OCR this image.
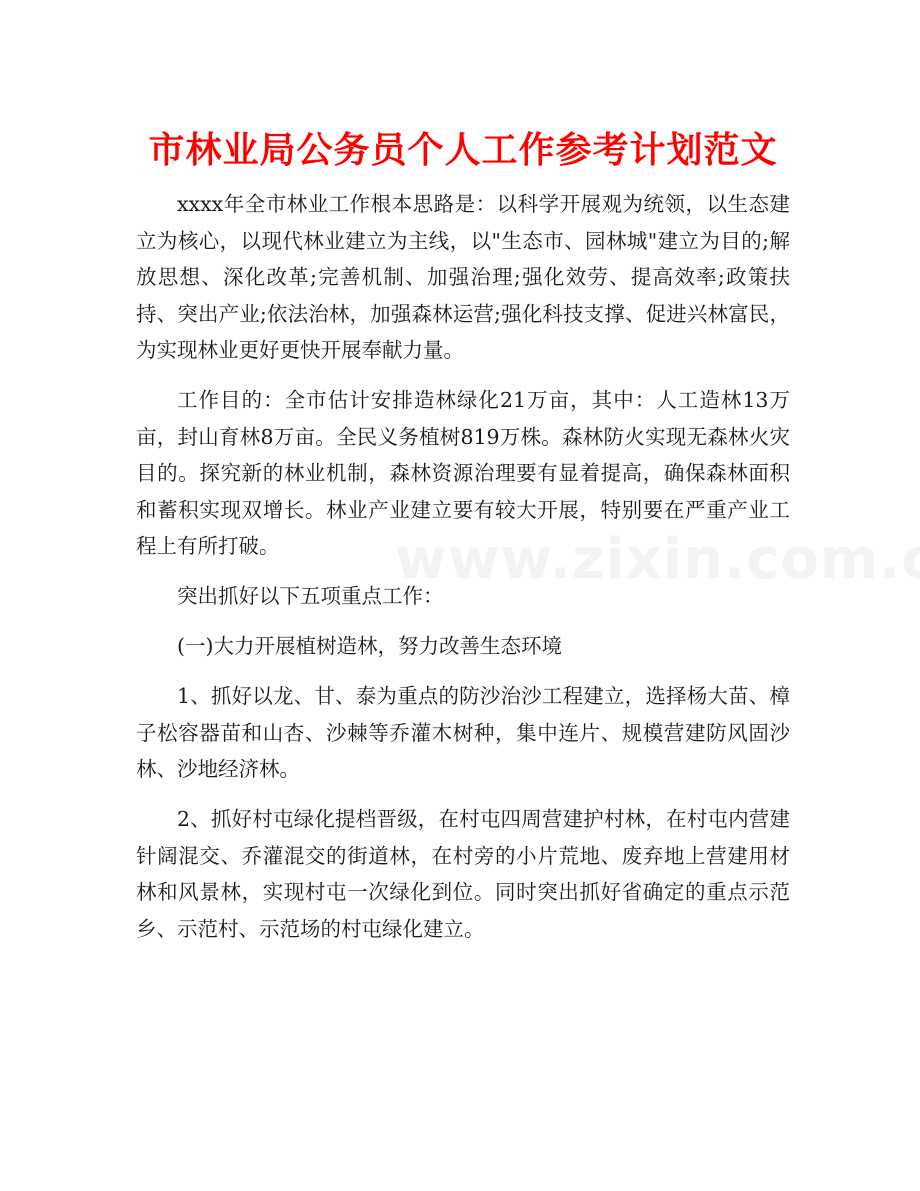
市林业局公务员个人工作参考计划范文

xxxx年全市林业工作根本思路是：以科学开展观为统领，以生态建立为核心，以现代林业建立为主线，以"生态市、园林城"建立为目的;解放思想、深化改革;完善机制、加强治理;强化效劳、提高效率;政策扶持、突出产业;依法治林，加强森林运营;强化科技支撑、促进兴林富民，为实现林业更好更快开展奉献力量。

工作目的：全市估计安排造林绿化21万亩，其中：人工造林13万亩，封山育林8万亩。全民义务植树819万株。森林防火实现无森林火灾目的。探究新的林业机制，森林资源治理要有显着提高，确保森林面积和蓄积实现双增长。林业产业建立要有较大开展，特别要在严重产业工程上有所打破。

突出抓好以下五项重点工作：

(一)大力开展植树造林，努力改善生态环境

1、抓好以龙、甘、泰为重点的防沙治沙工程建立，选择杨大苗、樟子松容器苗和山杏、沙棘等乔灌木树种，集中连片、规模营建防风固沙林、沙地经济林。

2、抓好村屯绿化提档晋级，在村屯四周营建护村林，在村屯内营建针阔混交、乔灌混交的街道林，在村旁的小片荒地、废弃地上营建用材林和风景林，实现村屯一次绿化到位。同时突出抓好省确定的重点示范乡、示范村、示范场的村屯绿化建立。
